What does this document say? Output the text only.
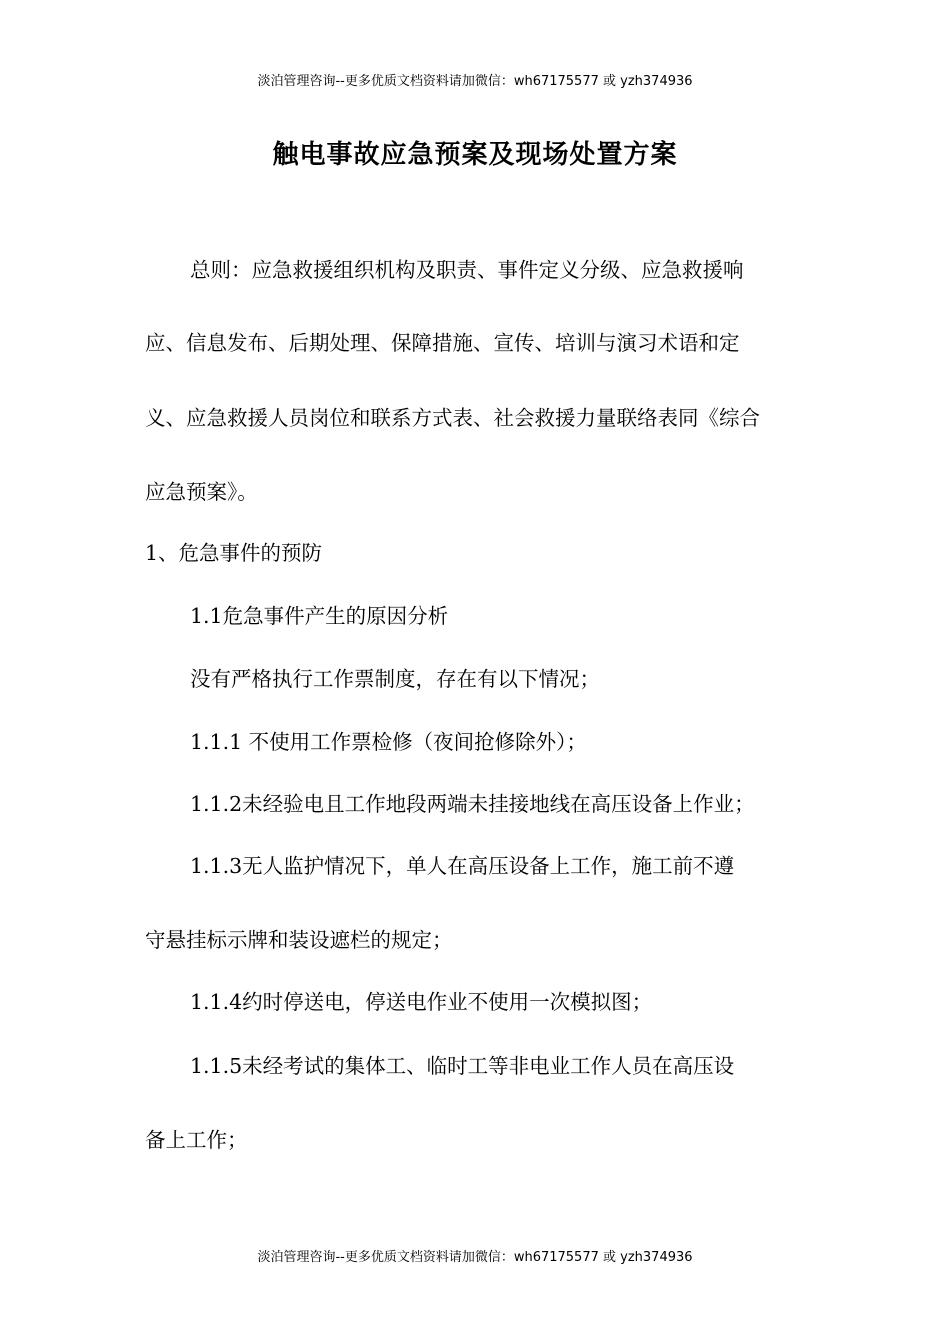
淡泊管理咨询--更多优质文档资料请加微信：wh67175577 或 yzh374936
触电事故应急预案及现场处置方案
总则：应急救援组织机构及职责、事件定义分级、应急救援响
应、信息发布、后期处理、保障措施、宣传、培训与演习术语和定
义、应急救援人员岗位和联系方式表、社会救援力量联络表同《综合
应急预案》。
1、危急事件的预防
1.1危急事件产生的原因分析
没有严格执行工作票制度，存在有以下情况；
1.1.1 不使用工作票检修（夜间抢修除外）；
1.1.2未经验电且工作地段两端未挂接地线在高压设备上作业；
1.1.3无人监护情况下，单人在高压设备上工作，施工前不遵
守悬挂标示牌和装设遮栏的规定；
1.1.4约时停送电，停送电作业不使用一次模拟图；
1.1.5未经考试的集体工、临时工等非电业工作人员在高压设
备上工作；
淡泊管理咨询--更多优质文档资料请加微信：wh67175577 或 yzh374936
